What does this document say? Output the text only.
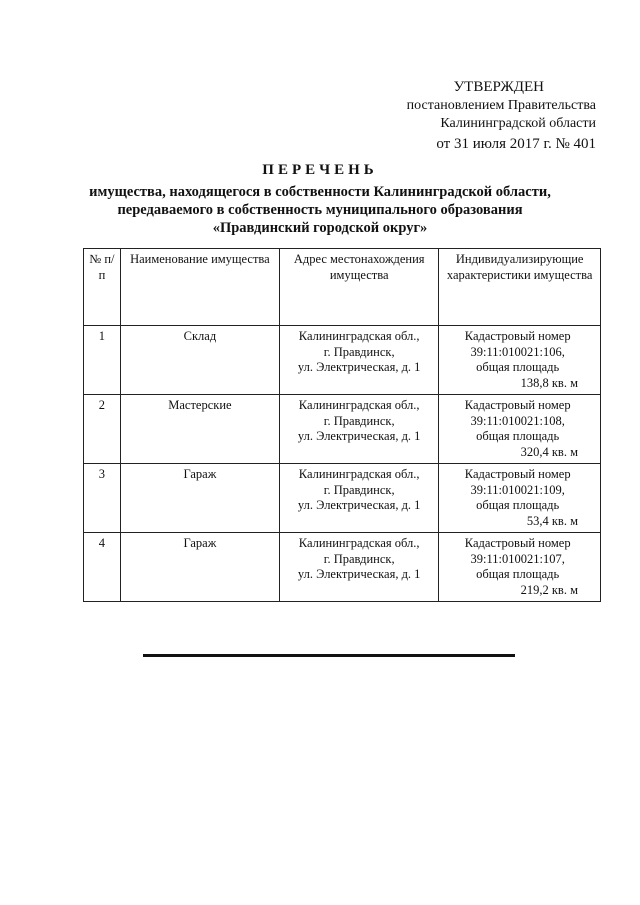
УТВЕРЖДЕН
постановлением Правительства
Калининградской области
от 31 июля 2017 г. № 401
ПЕРЕЧЕНЬ
имущества, находящегося в собственности Калининградской области,
передаваемого в собственность муниципального образования
«Правдинский городской округ»
№ п/п	Наименование имущества	Адрес местонахождения имущества	Индивидуализирующие характеристики имущества
1	Склад	Калининградская обл.,
г. Правдинск,
ул. Электрическая, д. 1	Кадастровый номер
39:11:010021:106,
общая площадь
138,8 кв. м

2	Мастерские	Калининградская обл.,
г. Правдинск,
ул. Электрическая, д. 1	Кадастровый номер
39:11:010021:108,
общая площадь
320,4 кв. м

3	Гараж	Калининградская обл.,
г. Правдинск,
ул. Электрическая, д. 1	Кадастровый номер
39:11:010021:109,
общая площадь
53,4 кв. м

4	Гараж	Калининградская обл.,
г. Правдинск,
ул. Электрическая, д. 1	Кадастровый номер
39:11:010021:107,
общая площадь
219,2 кв. м
